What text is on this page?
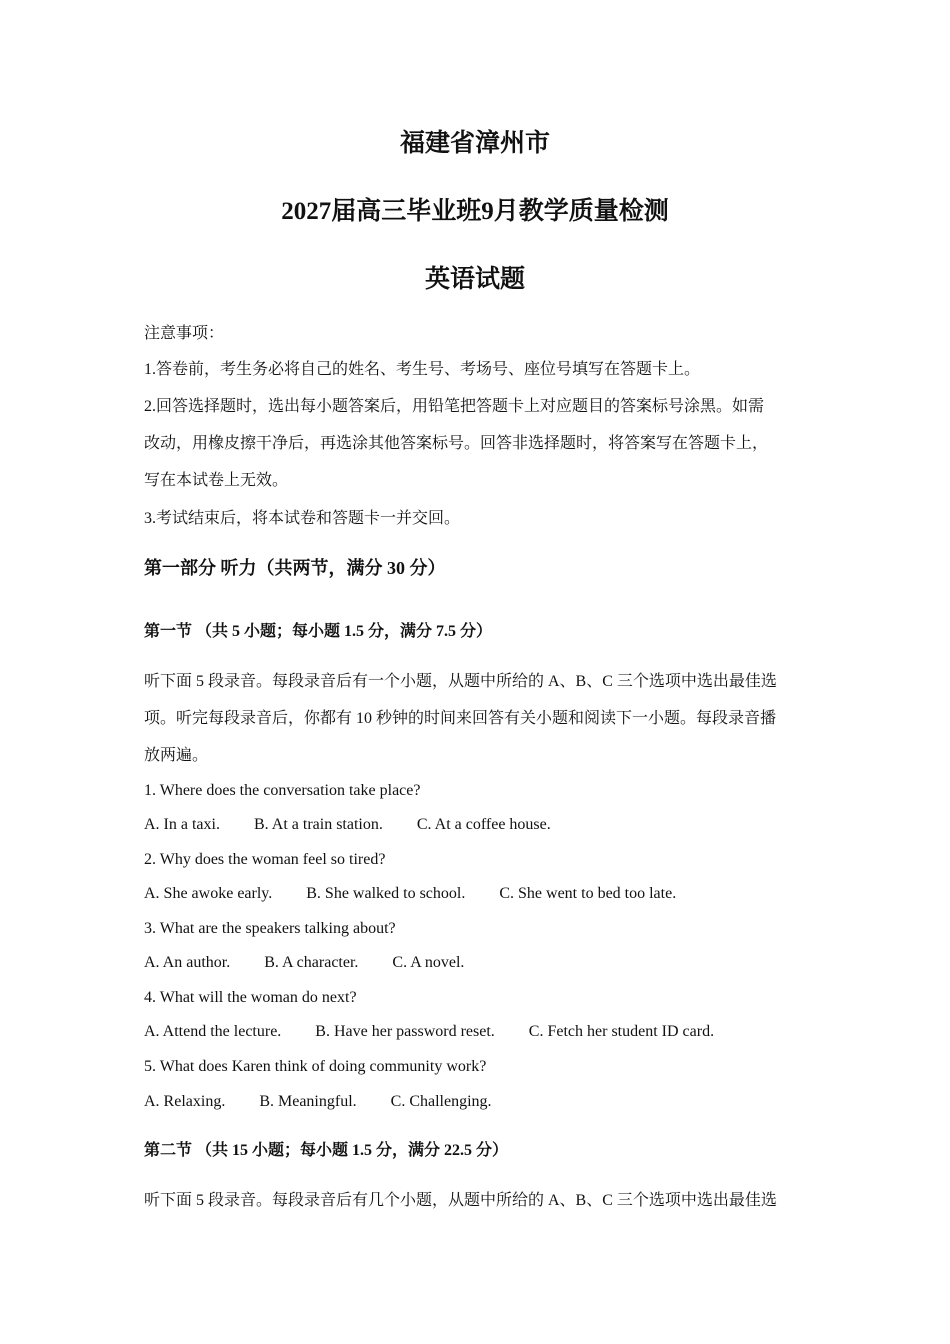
福建省漳州市
2027届高三毕业班9月教学质量检测
英语试题
注意事项：
1.答卷前，考生务必将自己的姓名、考生号、考场号、座位号填写在答题卡上。
2.回答选择题时，选出每小题答案后，用铅笔把答题卡上对应题目的答案标号涂黑。如需
改动，用橡皮擦干净后，再选涂其他答案标号。回答非选择题时，将答案写在答题卡上，
写在本试卷上无效。
3.考试结束后，将本试卷和答题卡一并交回。
第一部分 听力（共两节，满分 30 分）
第一节 （共 5 小题；每小题 1.5 分，满分 7.5 分）
听下面 5 段录音。每段录音后有一个小题，从题中所给的 A、B、C 三个选项中选出最佳选
项。听完每段录音后，你都有 10 秒钟的时间来回答有关小题和阅读下一小题。每段录音播
放两遍。
1. Where does the conversation take place?
A. In a taxi. B. At a train station. C. At a coffee house.
2. Why does the woman feel so tired?
A. She awoke early. B. She walked to school. C. She went to bed too late.
3. What are the speakers talking about?
A. An author. B. A character. C. A novel.
4. What will the woman do next?
A. Attend the lecture. B. Have her password reset. C. Fetch her student ID card.
5. What does Karen think of doing community work?
A. Relaxing. B. Meaningful. C. Challenging.
第二节 （共 15 小题；每小题 1.5 分，满分 22.5 分）
听下面 5 段录音。每段录音后有几个小题，从题中所给的 A、B、C 三个选项中选出最佳选
